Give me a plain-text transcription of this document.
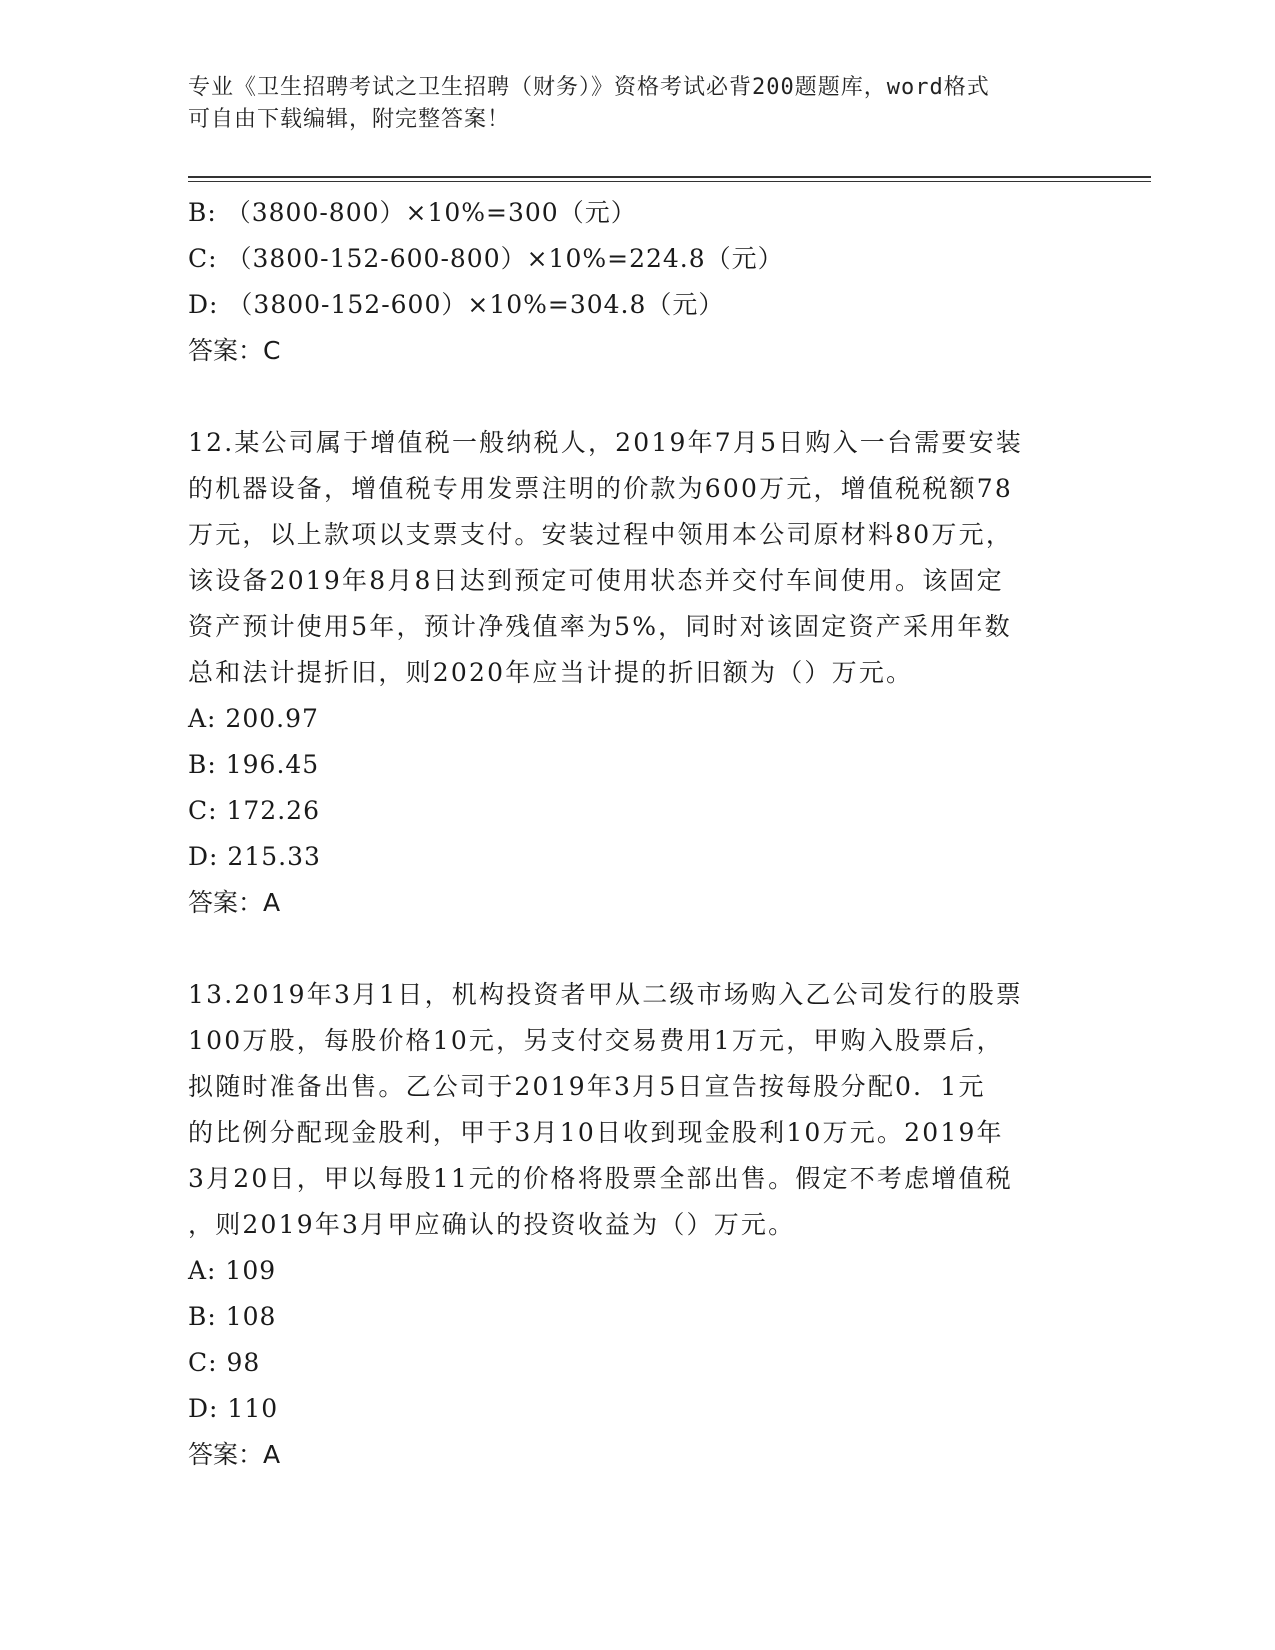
专业《卫生招聘考试之卫生招聘（财务）》资格考试必背200题题库，word格式
可自由下载编辑，附完整答案！
B: （3800-800）×10%=300（元）
C: （3800-152-600-800）×10%=224.8（元）
D: （3800-152-600）×10%=304.8（元）
答案：C
12.某公司属于增值税一般纳税人，2019年7月5日购入一台需要安装
的机器设备，增值税专用发票注明的价款为600万元，增值税税额78
万元，以上款项以支票支付。安装过程中领用本公司原材料80万元，
该设备2019年8月8日达到预定可使用状态并交付车间使用。该固定
资产预计使用5年，预计净残值率为5%，同时对该固定资产采用年数
总和法计提折旧，则2020年应当计提的折旧额为（）万元。
A: 200.97
B: 196.45
C: 172.26
D: 215.33
答案：A
13.2019年3月1日，机构投资者甲从二级市场购入乙公司发行的股票
100万股，每股价格10元，另支付交易费用1万元，甲购入股票后，
拟随时准备出售。乙公司于2019年3月5日宣告按每股分配0．1元
的比例分配现金股利，甲于3月10日收到现金股利10万元。2019年
3月20日，甲以每股11元的价格将股票全部出售。假定不考虑增值税
，则2019年3月甲应确认的投资收益为（）万元。
A: 109
B: 108
C: 98
D: 110
答案：A
